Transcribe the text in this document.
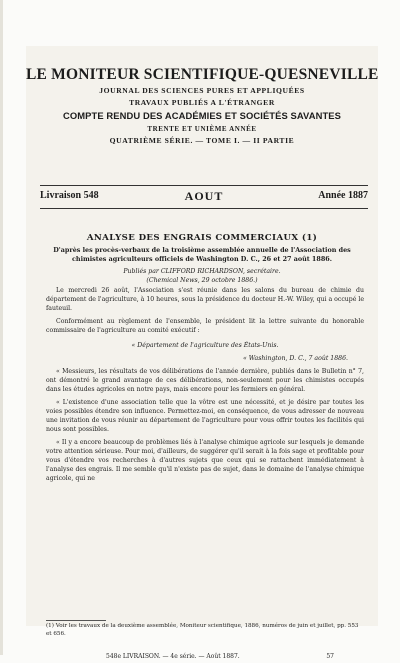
LE MONITEUR SCIENTIFIQUE-QUESNEVILLE
JOURNAL DES SCIENCES PURES ET APPLIQUÉES
TRAVAUX PUBLIÉS A L'ÉTRANGER
COMPTE RENDU DES ACADÉMIES ET SOCIÉTÉS SAVANTES
TRENTE ET UNIÈME ANNÉE
QUATRIÈME SÉRIE. — TOME I. — II PARTIE
Livraison 548	AOUT	Année 1887
ANALYSE DES ENGRAIS COMMERCIAUX (1)
D'après les procès-verbaux de la troisième assemblée annuelle de l'Association des chimistes agriculteurs officiels de Washington D. C., 26 et 27 août 1886.
Publiés par CLIFFORD RICHARDSON, secrétaire.
(Chemical News, 29 octobre 1886.)

Le mercredi 26 août, l'Association s'est réunie dans les salons du bureau de chimie du département de l'agriculture, à 10 heures, sous la présidence du docteur H.-W. Wiley, qui a occupé le fauteuil.

Conformément au règlement de l'ensemble, le président lit la lettre suivante du honorable commissaire de l'agriculture au comité exécutif :

« Département de l'agriculture des États-Unis.

« Washington, D. C., 7 août 1886.

« Messieurs, les résultats de vos délibérations de l'année dernière, publiés dans le Bulletin n° 7, ont démontré le grand avantage de ces délibérations, non-seulement pour les chimistes occupés dans les études agricoles en notre pays, mais encore pour les fermiers en général.

« L'existence d'une association telle que la vôtre est une nécessité, et je désire par toutes les voies possibles étendre son influence. Permettez-moi, en conséquence, de vous adresser de nouveau une invitation de vous réunir au département de l'agriculture pour vous offrir toutes les facilités qui nous sont possibles.

« Il y a encore beaucoup de problèmes liés à l'analyse chimique agricole sur lesquels je demande votre attention sérieuse. Pour moi, d'ailleurs, de suggérer qu'il serait à la fois sage et profitable pour vous d'étendre vos recherches à d'autres sujets que ceux qui se rattachent immédiatement à l'analyse des engrais. Il me semble qu'il n'existe pas de sujet, dans le domaine de l'analyse chimique agricole, qui ne

(1) Voir les travaux de la deuxième assemblée, Moniteur scientifique, 1886, numéros de juin et juillet, pp. 553 et 656.
548e LIVRAISON. — 4e série. — Août 1887.	57
